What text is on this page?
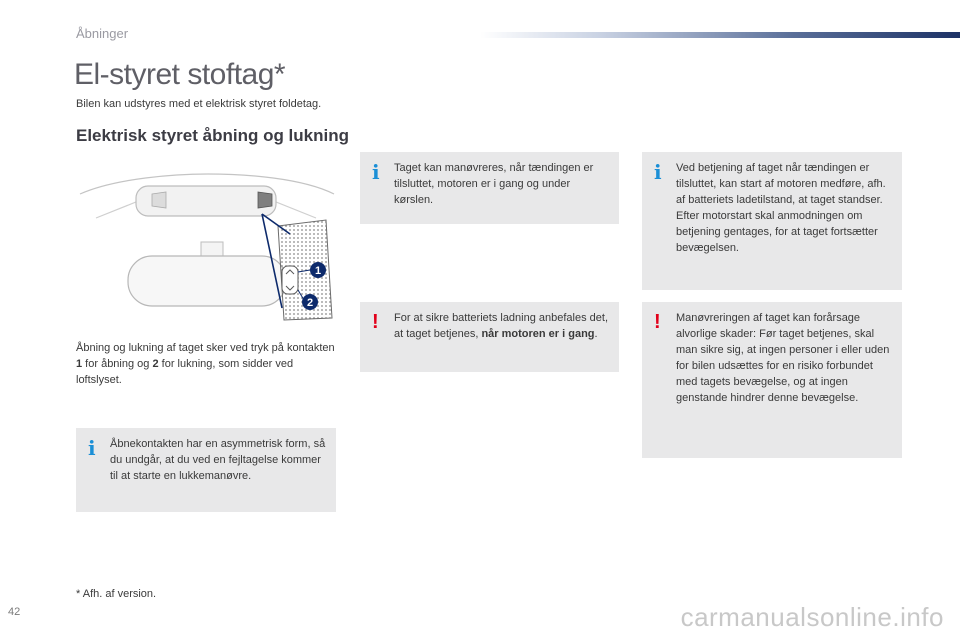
Åbninger
El-styret stoftag*
Bilen kan udstyres med et elektrisk styret foldetag.
Elektrisk styret åbning og lukning
1
2
Åbning og lukning af taget sker ved tryk på kontakten 1 for åbning og 2 for lukning, som sidder ved loftslyset.
i Åbnekontakten har en asymmetrisk form, så du undgår, at du ved en fejltagelse kommer til at starte en lukkemanøvre.
i Taget kan manøvreres, når tændingen er tilsluttet, motoren er i gang og under kørslen.
! For at sikre batteriets ladning anbefales det, at taget betjenes, når motoren er i gang.
i Ved betjening af taget når tændingen er tilsluttet, kan start af motoren medføre, afh. af batteriets ladetilstand, at taget standser. Efter motorstart skal anmodningen om betjening gentages, for at taget fortsætter bevægelsen.
! Manøvreringen af taget kan forårsage alvorlige skader: Før taget betjenes, skal man sikre sig, at ingen personer i eller uden for bilen udsættes for en risiko forbundet med tagets bevægelse, og at ingen genstande hindrer denne bevægelse.
* Afh. af version.
42	carmanualsonline.info
